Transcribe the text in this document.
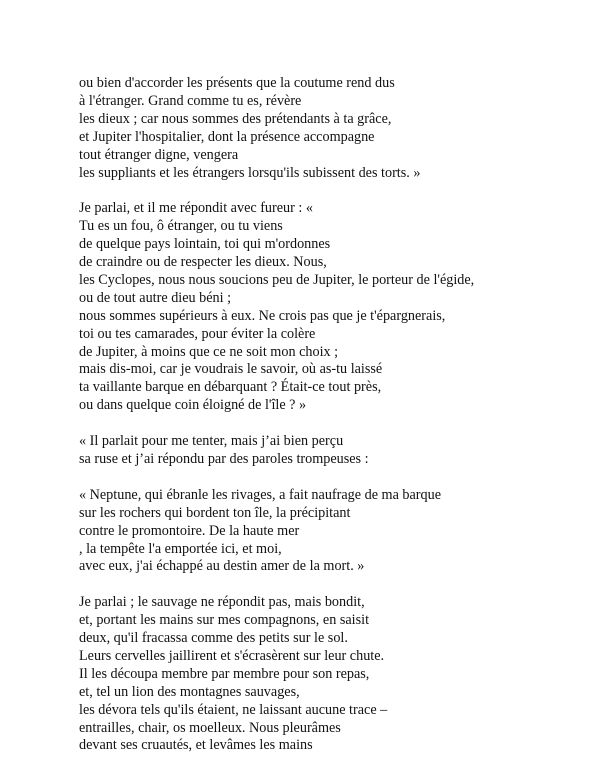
ou bien d'accorder les présents que la coutume rend dus
à l'étranger. Grand comme tu es, révère
les dieux ; car nous sommes des prétendants à ta grâce,
et Jupiter l'hospitalier, dont la présence accompagne
tout étranger digne, vengera
les suppliants et les étrangers lorsqu'ils subissent des torts. »
Je parlai, et il me répondit avec fureur : «
Tu es un fou, ô étranger, ou tu viens
de quelque pays lointain, toi qui m'ordonnes
de craindre ou de respecter les dieux. Nous,
les Cyclopes, nous nous soucions peu de Jupiter, le porteur de l'égide,
ou de tout autre dieu béni ;
nous sommes supérieurs à eux. Ne crois pas que je t'épargnerais,
toi ou tes camarades, pour éviter la colère
de Jupiter, à moins que ce ne soit mon choix ;
mais dis-moi, car je voudrais le savoir, où as-tu laissé
ta vaillante barque en débarquant ? Était-ce tout près,
ou dans quelque coin éloigné de l'île ? »
« Il parlait pour me tenter, mais j’ai bien perçu
sa ruse et j’ai répondu par des paroles trompeuses :
« Neptune, qui ébranle les rivages, a fait naufrage de ma barque
sur les rochers qui bordent ton île, la précipitant
contre le promontoire. De la haute mer
, la tempête l'a emportée ici, et moi,
avec eux, j'ai échappé au destin amer de la mort. »
Je parlai ; le sauvage ne répondit pas, mais bondit,
et, portant les mains sur mes compagnons, en saisit
deux, qu'il fracassa comme des petits sur le sol.
Leurs cervelles jaillirent et s'écrasèrent sur leur chute.
Il les découpa membre par membre pour son repas,
et, tel un lion des montagnes sauvages,
les dévora tels qu'ils étaient, ne laissant aucune trace –
entrailles, chair, os moelleux. Nous pleurâmes
devant ses cruautés, et levâmes les mains
